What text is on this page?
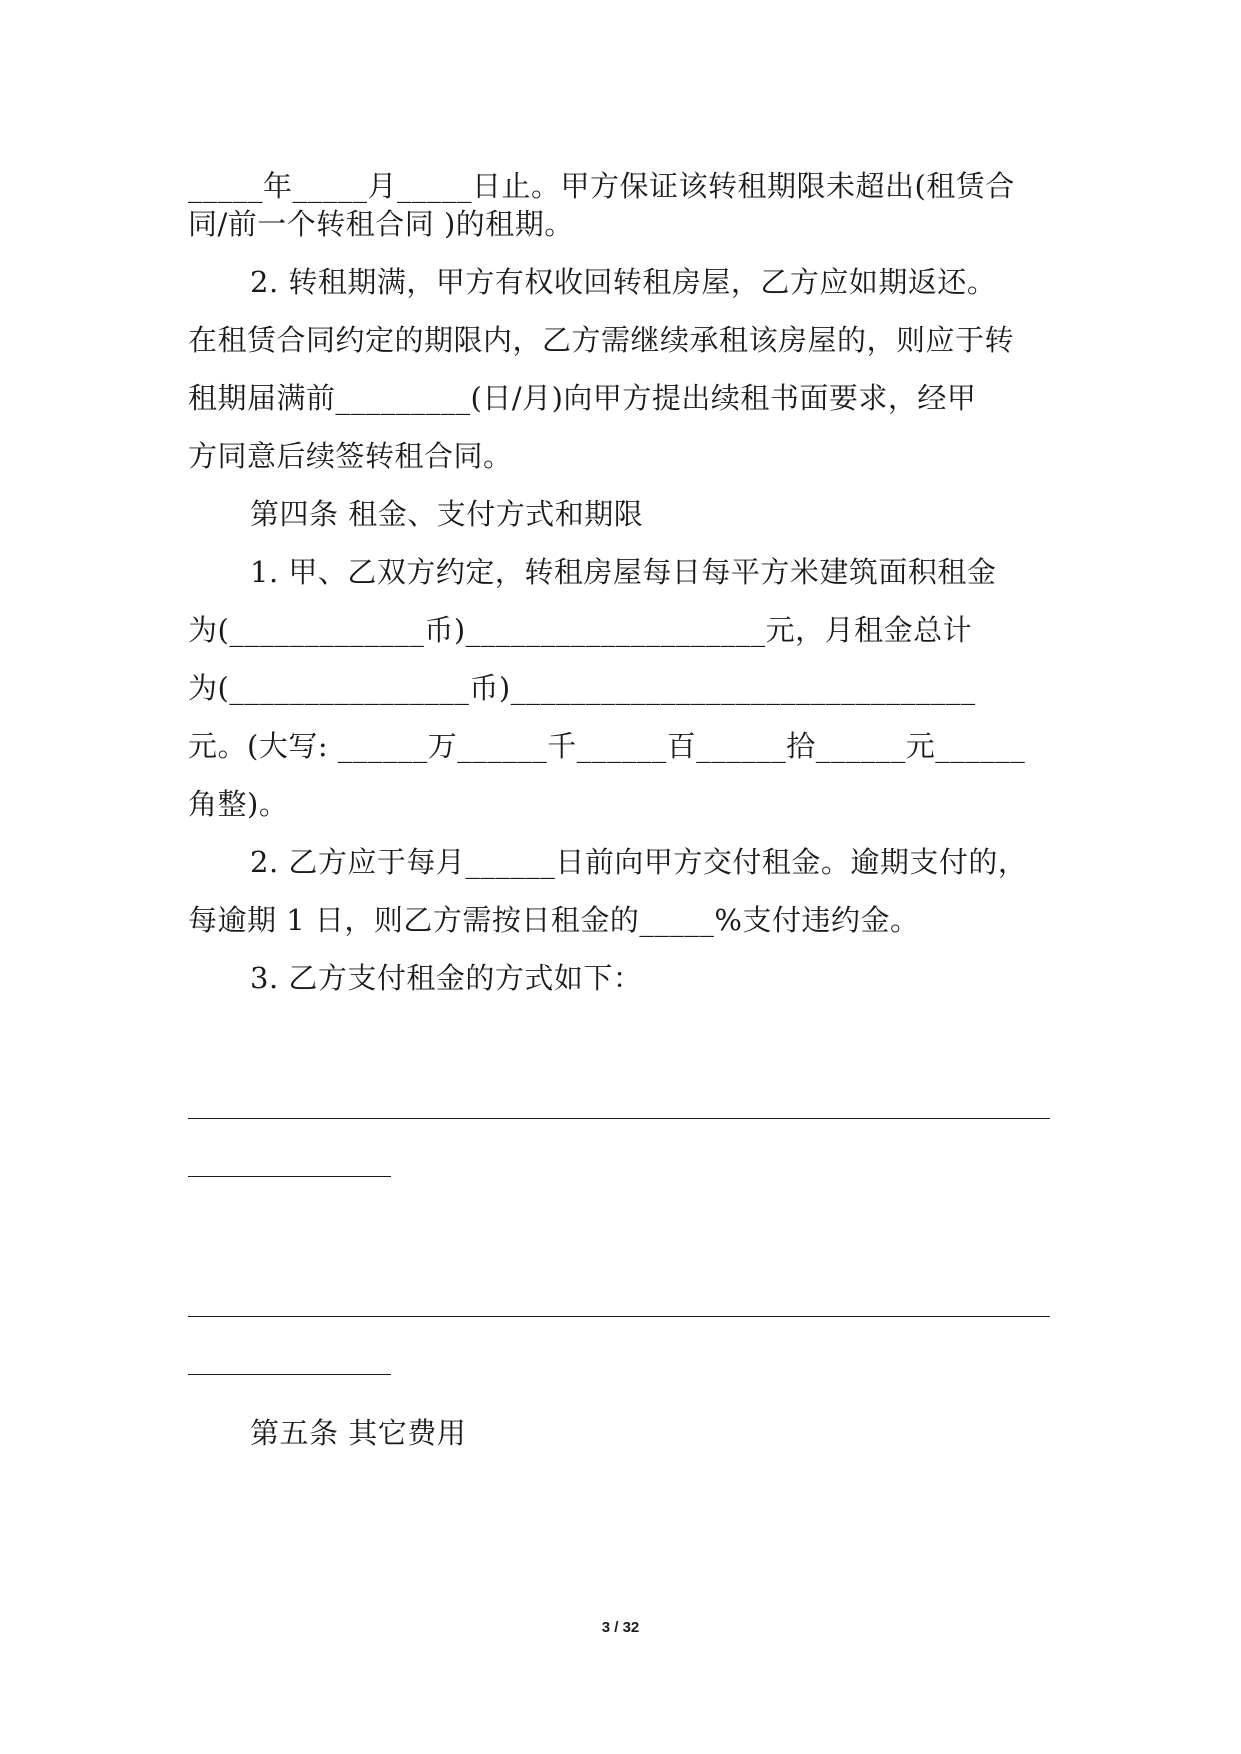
_____年_____月_____日止。甲方保证该转租期限未超出(租赁合
同/前一个转租合同 )的租期。
2. 转租期满，甲方有权收回转租房屋，乙方应如期返还。
在租赁合同约定的期限内，乙方需继续承租该房屋的，则应于转
租期届满前_________(日/月)向甲方提出续租书面要求，经甲
方同意后续签转租合同。
第四条 租金、支付方式和期限
1. 甲、乙双方约定，转租房屋每日每平方米建筑面积租金
为(_____________币)____________________元，月租金总计
为(________________币)_______________________________
元。(大写: ______万______千______百______拾______元______
角整)。
2. 乙方应于每月______日前向甲方交付租金。逾期支付的，
每逾期 1 日，则乙方需按日租金的_____%支付违约金。
3. 乙方支付租金的方式如下：
第五条 其它费用
3 / 32
